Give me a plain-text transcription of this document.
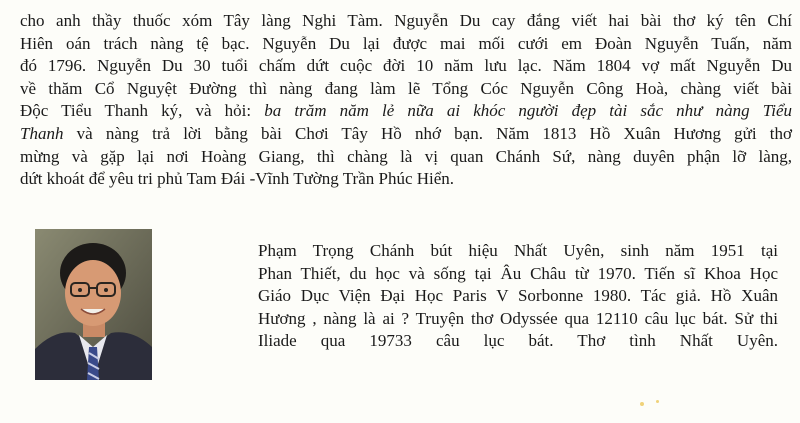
cho anh thầy thuốc xóm Tây làng Nghi Tàm. Nguyễn Du cay đắng viết hai bài thơ ký tên Chí
Hiên oán trách nàng tệ bạc. Nguyễn Du lại được mai mối cưới em Đoàn Nguyễn Tuấn, năm
đó 1796. Nguyễn Du 30 tuổi chấm dứt cuộc đời 10 năm lưu lạc. Năm 1804 vợ mất Nguyễn Du
về thăm Cổ Nguyệt Đường thì nàng đang làm lẽ Tổng Cóc Nguyễn Công Hoà, chàng viết bài
Độc Tiểu Thanh ký, và hỏi: ba trăm năm lẻ nữa ai khóc người đẹp tài sắc như nàng Tiểu
Thanh và nàng trả lời bằng bài Chơi Tây Hồ nhớ bạn. Năm 1813 Hồ Xuân Hương gửi thơ
mừng và gặp lại nơi Hoàng Giang, thì chàng là vị quan Chánh Sứ, nàng duyên phận lỡ làng,
dứt khoát để yêu tri phủ Tam Đái -Vĩnh Tường Trần Phúc Hiển.
Phạm Trọng Chánh bút hiệu Nhất Uyên, sinh năm 1951 tại
Phan Thiết, du học và sống tại Âu Châu từ 1970. Tiến sĩ Khoa Học
Giáo Dục Viện Đại Học Paris V Sorbonne 1980. Tác giả. Hồ Xuân
Hương , nàng là ai ? Truyện thơ Odyssée qua 12110 câu lục bát. Sử thi
Iliade qua 19733 câu lục bát. Thơ tình Nhất Uyên.
